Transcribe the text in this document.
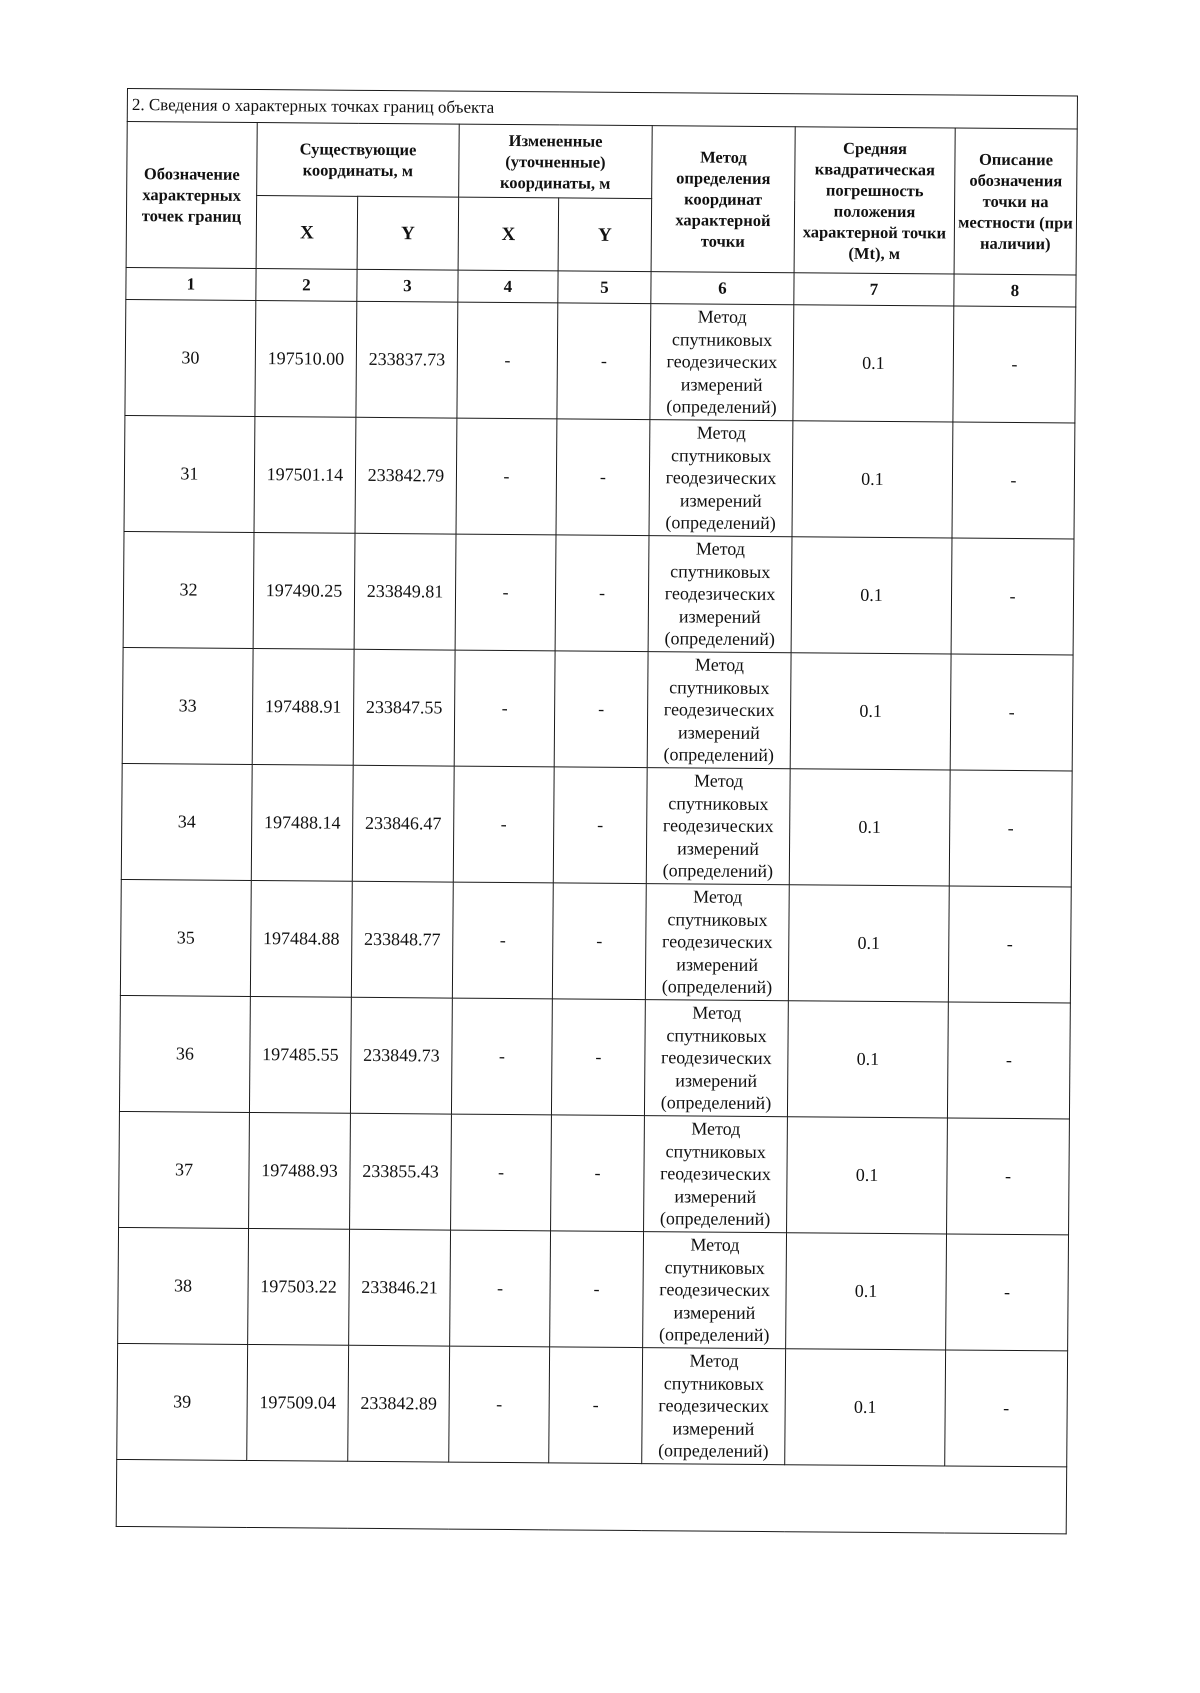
2. Сведения о характерных точках границ объекта							
Обозначение характерных точек границ	Существующие координаты, м		Измененные (уточненные) координаты, м		Метод определения координат характерной точки	Средняя квадратическая погрешность положения характерной точки (Mt), м	Описание обозначения точки на местности (при наличии)
	X	Y	X	Y			
1	2	3	4	5	6	7	8
30	197510.00	233837.73	-	-	Метод спутниковых геодезических измерений (определений)	0.1	-
31	197501.14	233842.79	-	-	Метод спутниковых геодезических измерений (определений)	0.1	-
32	197490.25	233849.81	-	-	Метод спутниковых геодезических измерений (определений)	0.1	-
33	197488.91	233847.55	-	-	Метод спутниковых геодезических измерений (определений)	0.1	-
34	197488.14	233846.47	-	-	Метод спутниковых геодезических измерений (определений)	0.1	-
35	197484.88	233848.77	-	-	Метод спутниковых геодезических измерений (определений)	0.1	-
36	197485.55	233849.73	-	-	Метод спутниковых геодезических измерений (определений)	0.1	-
37	197488.93	233855.43	-	-	Метод спутниковых геодезических измерений (определений)	0.1	-
38	197503.22	233846.21	-	-	Метод спутниковых геодезических измерений (определений)	0.1	-
39	197509.04	233842.89	-	-	Метод спутниковых геодезических измерений (определений)	0.1	-
